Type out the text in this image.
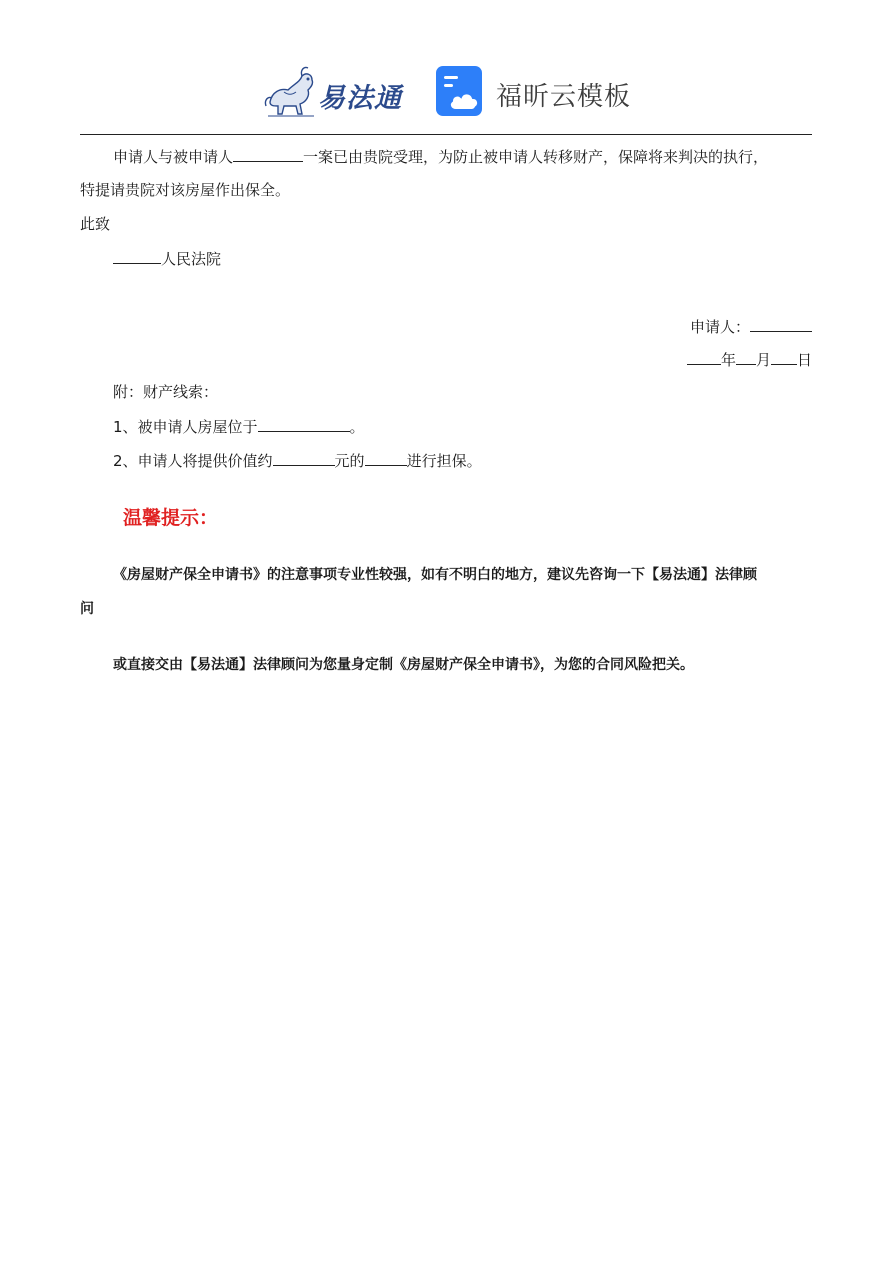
易法通	福昕云模板
申请人与被申请人	一案已由贵院受理，为防止被申请人转移财产，保障将来判决的执行，
特提请贵院对该房屋作出保全。
此致
人民法院
申请人：
年 月 日
附：财产线索：
1、被申请人房屋位于	。
2、申请人将提供价值约	元的	进行担保。
温馨提示：
《房屋财产保全申请书》的注意事项专业性较强，如有不明白的地方，建议先咨询一下【易法通】法律顾
问
或直接交由【易法通】法律顾问为您量身定制《房屋财产保全申请书》，为您的合同风险把关。
